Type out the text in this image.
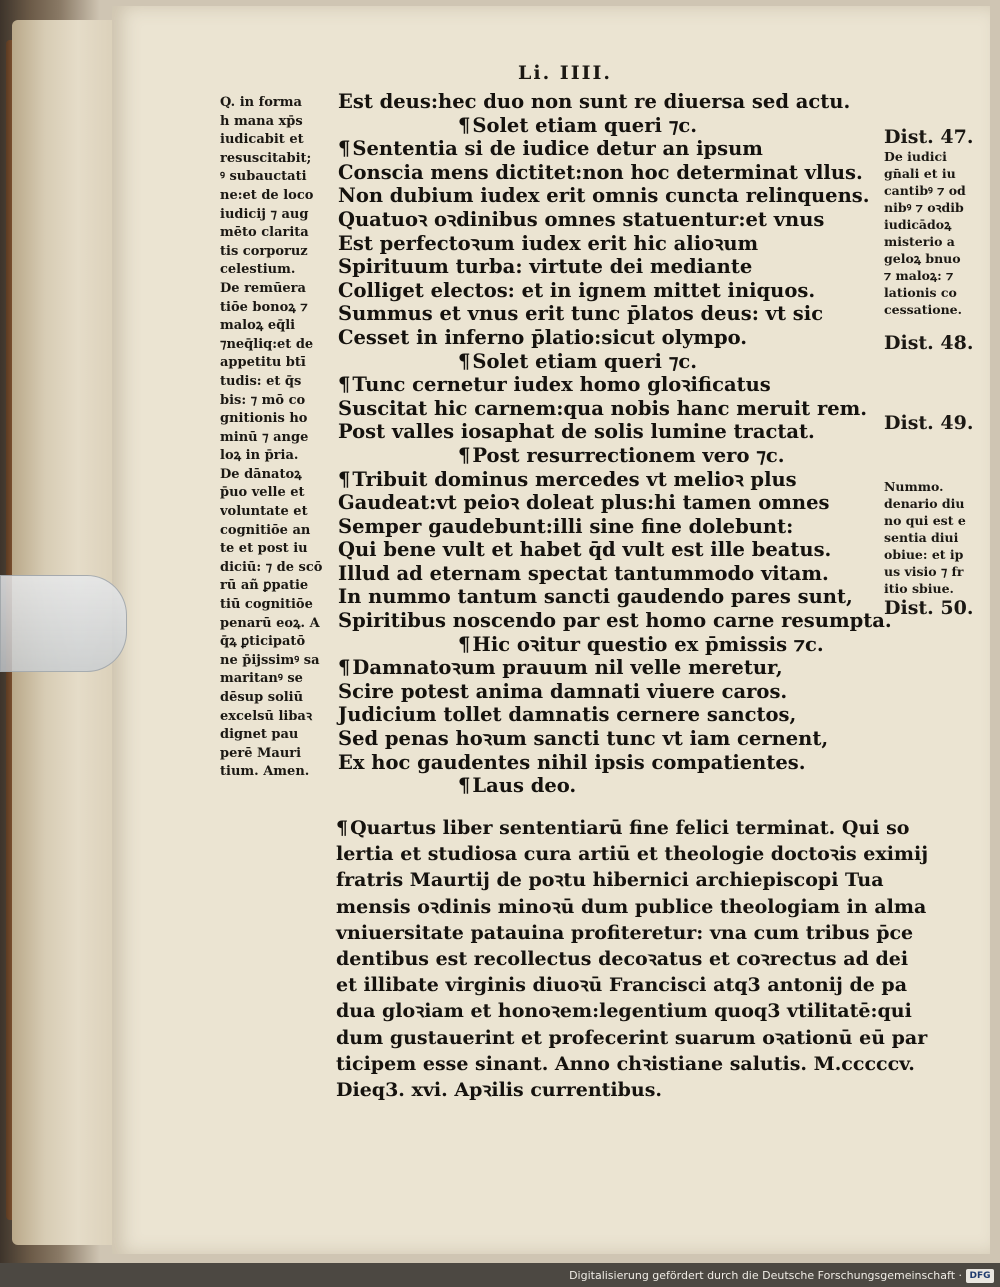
Li. IIII.
Q. in forma
h mana xp̄s
iudicabit et
resuscitabit;
ꝰ subauctati
ne:et de loco
iudicij ⁊ aug
mēto clarita
tis corporuz
celestium.
De remūera
tiōe bonoꝝ ⁊
maloꝝ eq̄li
⁊neq̄liq:et de
appetitu btī
tudis: et q̄s
bis: ⁊ mō co
gnitionis ho
minū ⁊ ange
loꝝ in p̄ria.
De dānatoꝝ
p̄uo velle et
voluntate et
cognitiōe an
te et post iu
diciū: ⁊ de scō
rū añ ꝑpatie
tiū cognitiōe
penarū eoꝝ. A
q̄ꝝ ꝑticipatō
ne p̄ijssimꝰ sa
maritanꝰ se
dēsup soliū
excelsū libaꝛ
dignet pau
perē Mauri
tium. Amen.
Est deus:hec duo non sunt re diuersa sed actu.
¶ Solet etiam queri ⁊c.
¶ Sententia si de iudice detur an ipsum
Conscia mens dictitet:non hoc determinat vllus.
Non dubium iudex erit omnis cuncta relinquens.
Quatuoꝛ oꝛdinibus omnes statuentur:et vnus
Est perfectoꝛum iudex erit hic alioꝛum
Spirituum turba: virtute dei mediante
Colliget electos: et in ignem mittet iniquos.
Summus et vnus erit tunc p̄latos deus: vt sic
Cesset in inferno p̄latio:sicut olympo.
¶ Solet etiam queri ⁊c.
¶ Tunc cernetur iudex homo gloꝛificatus
Suscitat hic carnem:qua nobis hanc meruit rem.
Post valles iosaphat de solis lumine tractat.
¶ Post resurrectionem vero ⁊c.
¶ Tribuit dominus mercedes vt melioꝛ plus
Gaudeat:vt peioꝛ doleat plus:hi tamen omnes
Semper gaudebunt:illi sine fine dolebunt:
Qui bene vult et habet q̄d vult est ille beatus.
Illud ad eternam spectat tantummodo vitam.
In nummo tantum sancti gaudendo pares sunt,
Spiritibus noscendo par est homo carne resumpta.
¶ Hic oꝛitur questio ex p̄missis ⁊c.
¶ Damnatoꝛum prauum nil velle meretur,
Scire potest anima damnati viuere caros.
Judicium tollet damnatis cernere sanctos,
Sed penas hoꝛum sancti tunc vt iam cernent,
Ex hoc gaudentes nihil ipsis compatientes.
¶ Laus deo.
¶ Quartus liber sententiarū fine felici terminat. Qui so
lertia et studiosa cura artiū et theologie doctoꝛis eximij
fratris Maurtij de poꝛtu hibernici archiepiscopi Tua
mensis oꝛdinis minoꝛū dum publice theologiam in alma
vniuersitate patauina profiteretur: vna cum tribus p̄ce
dentibus est recollectus decoꝛatus et coꝛrectus ad dei
et illibate virginis diuoꝛū Francisci atq3 antonij de pa
dua gloꝛiam et honoꝛem:legentium quoq3 vtilitatē:qui
dum gustauerint et profecerint suarum oꝛationū eū par
ticipem esse sinant. Anno chꝛistiane salutis. M.cccccv.
Dieq3. xvi. Apꝛilis currentibus.
Dist. 47.
De iudici
gn̄ali et iu
cantibꝰ ⁊ od
nibꝰ ⁊ oꝛdib
iudicādoꝝ
misterio a
geloꝝ bnuo
⁊ maloꝝ: ⁊
lationis co
cessatione.
Dist. 48.
Dist. 49.
Nummo.
denario diu
no qui est e
sentia diui
obiue: et ip
us visio ⁊ fr
itio sbiue.
Dist. 50.
Digitalisierung gefördert durch die Deutsche Forschungsgemeinschaft · DFG
